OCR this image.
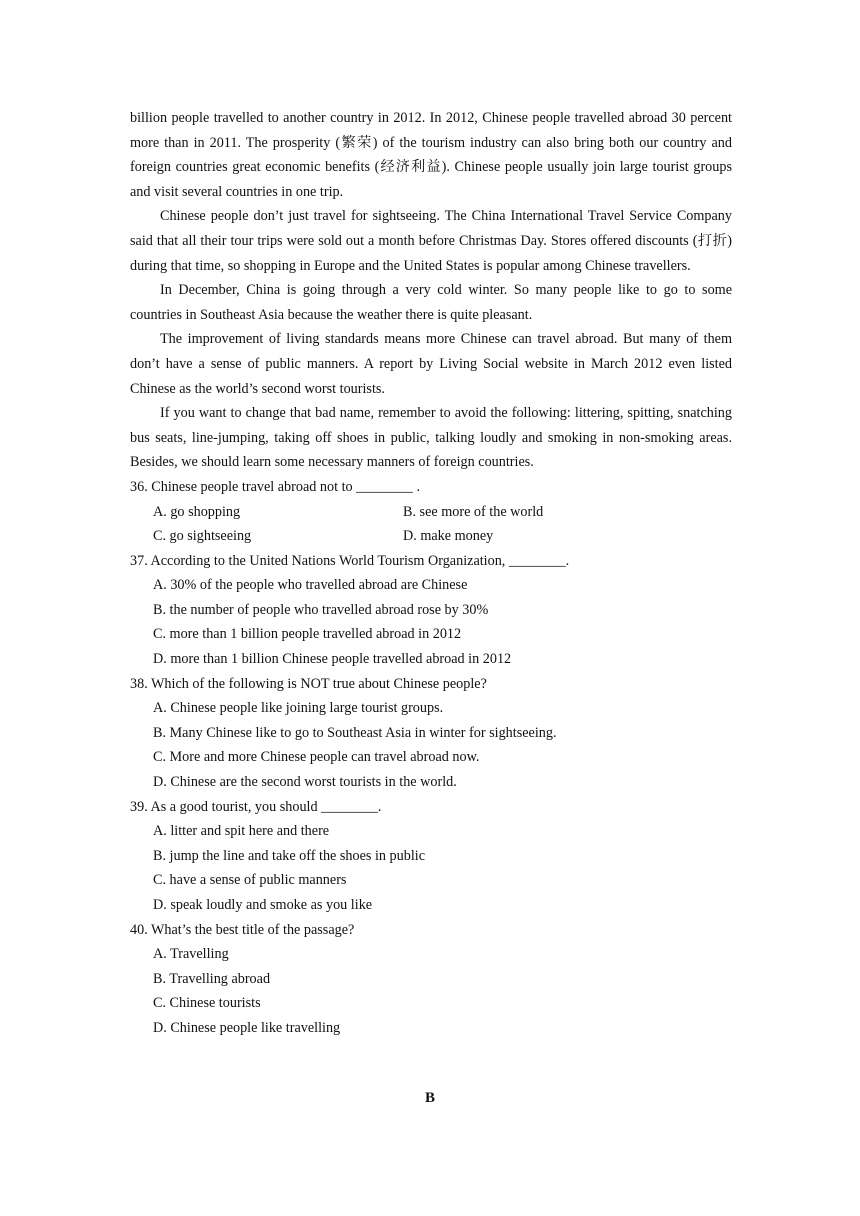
billion people travelled to another country in 2012. In 2012, Chinese people travelled abroad 30 percent more than in 2011. The prosperity (繁荣) of the tourism industry can also bring both our country and foreign countries great economic benefits (经济利益). Chinese people usually join large tourist groups and visit several countries in one trip.

Chinese people don’t just travel for sightseeing. The China International Travel Service Company said that all their tour trips were sold out a month before Christmas Day. Stores offered discounts (打折) during that time, so shopping in Europe and the United States is popular among Chinese travellers.

In December, China is going through a very cold winter. So many people like to go to some countries in Southeast Asia because the weather there is quite pleasant.

The improvement of living standards means more Chinese can travel abroad. But many of them don’t have a sense of public manners. A report by Living Social website in March 2012 even listed Chinese as the world’s second worst tourists.

If you want to change that bad name, remember to avoid the following: littering, spitting, snatching bus seats, line-jumping, taking off shoes in public, talking loudly and smoking in non-smoking areas. Besides, we should learn some necessary manners of foreign countries.

36. Chinese people travel abroad not to ________ .

A. go shopping	B. see more of the world
C. go sightseeing	D. make money

37. According to the United Nations World Tourism Organization, ________.

A. 30% of the people who travelled abroad are Chinese

B. the number of people who travelled abroad rose by 30%

C. more than 1 billion people travelled abroad in 2012

D. more than 1 billion Chinese people travelled abroad in 2012

38. Which of the following is NOT true about Chinese people?

A. Chinese people like joining large tourist groups.

B. Many Chinese like to go to Southeast Asia in winter for sightseeing.

C. More and more Chinese people can travel abroad now.

D. Chinese are the second worst tourists in the world.

39. As a good tourist, you should ________.

A. litter and spit here and there

B. jump the line and take off the shoes in public

C. have a sense of public manners

D. speak loudly and smoke as you like

40. What’s the best title of the passage?

A. Travelling

B. Travelling abroad

C. Chinese tourists

D. Chinese people like travelling

B
